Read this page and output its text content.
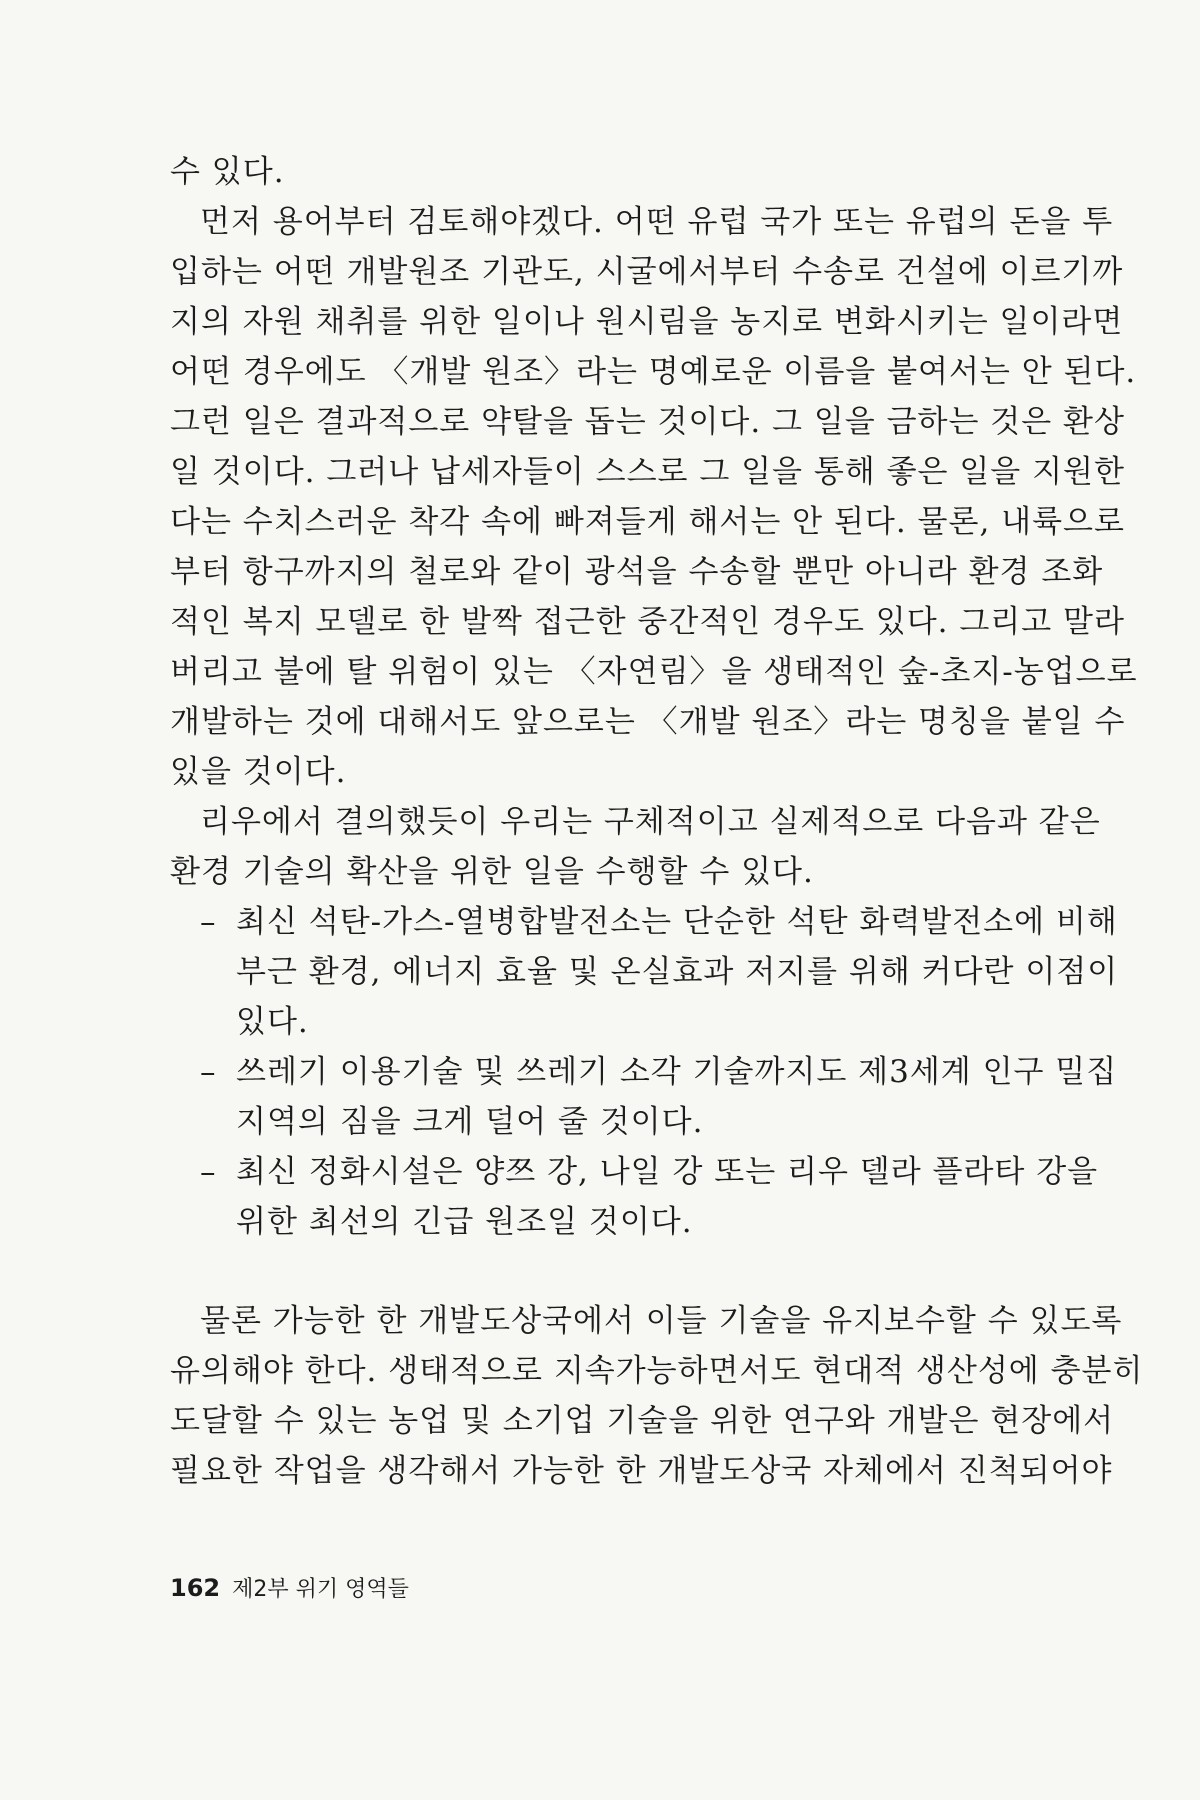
수 있다.
먼저 용어부터 검토해야겠다. 어떤 유럽 국가 또는 유럽의 돈을 투
입하는 어떤 개발원조 기관도, 시굴에서부터 수송로 건설에 이르기까
지의 자원 채취를 위한 일이나 원시림을 농지로 변화시키는 일이라면
어떤 경우에도 〈개발 원조〉라는 명예로운 이름을 붙여서는 안 된다.
그런 일은 결과적으로 약탈을 돕는 것이다. 그 일을 금하는 것은 환상
일 것이다. 그러나 납세자들이 스스로 그 일을 통해 좋은 일을 지원한
다는 수치스러운 착각 속에 빠져들게 해서는 안 된다. 물론, 내륙으로
부터 항구까지의 철로와 같이 광석을 수송할 뿐만 아니라 환경 조화
적인 복지 모델로 한 발짝 접근한 중간적인 경우도 있다. 그리고 말라
버리고 불에 탈 위험이 있는 〈자연림〉을 생태적인 숲-초지-농업으로
개발하는 것에 대해서도 앞으로는 〈개발 원조〉라는 명칭을 붙일 수
있을 것이다.
리우에서 결의했듯이 우리는 구체적이고 실제적으로 다음과 같은
환경 기술의 확산을 위한 일을 수행할 수 있다.
– 최신 석탄-가스-열병합발전소는 단순한 석탄 화력발전소에 비해
부근 환경, 에너지 효율 및 온실효과 저지를 위해 커다란 이점이
있다.
– 쓰레기 이용기술 및 쓰레기 소각 기술까지도 제3세계 인구 밀집
지역의 짐을 크게 덜어 줄 것이다.
– 최신 정화시설은 양쯔 강, 나일 강 또는 리우 델라 플라타 강을
위한 최선의 긴급 원조일 것이다.
물론 가능한 한 개발도상국에서 이들 기술을 유지보수할 수 있도록
유의해야 한다. 생태적으로 지속가능하면서도 현대적 생산성에 충분히
도달할 수 있는 농업 및 소기업 기술을 위한 연구와 개발은 현장에서
필요한 작업을 생각해서 가능한 한 개발도상국 자체에서 진척되어야
162 제2부 위기 영역들
